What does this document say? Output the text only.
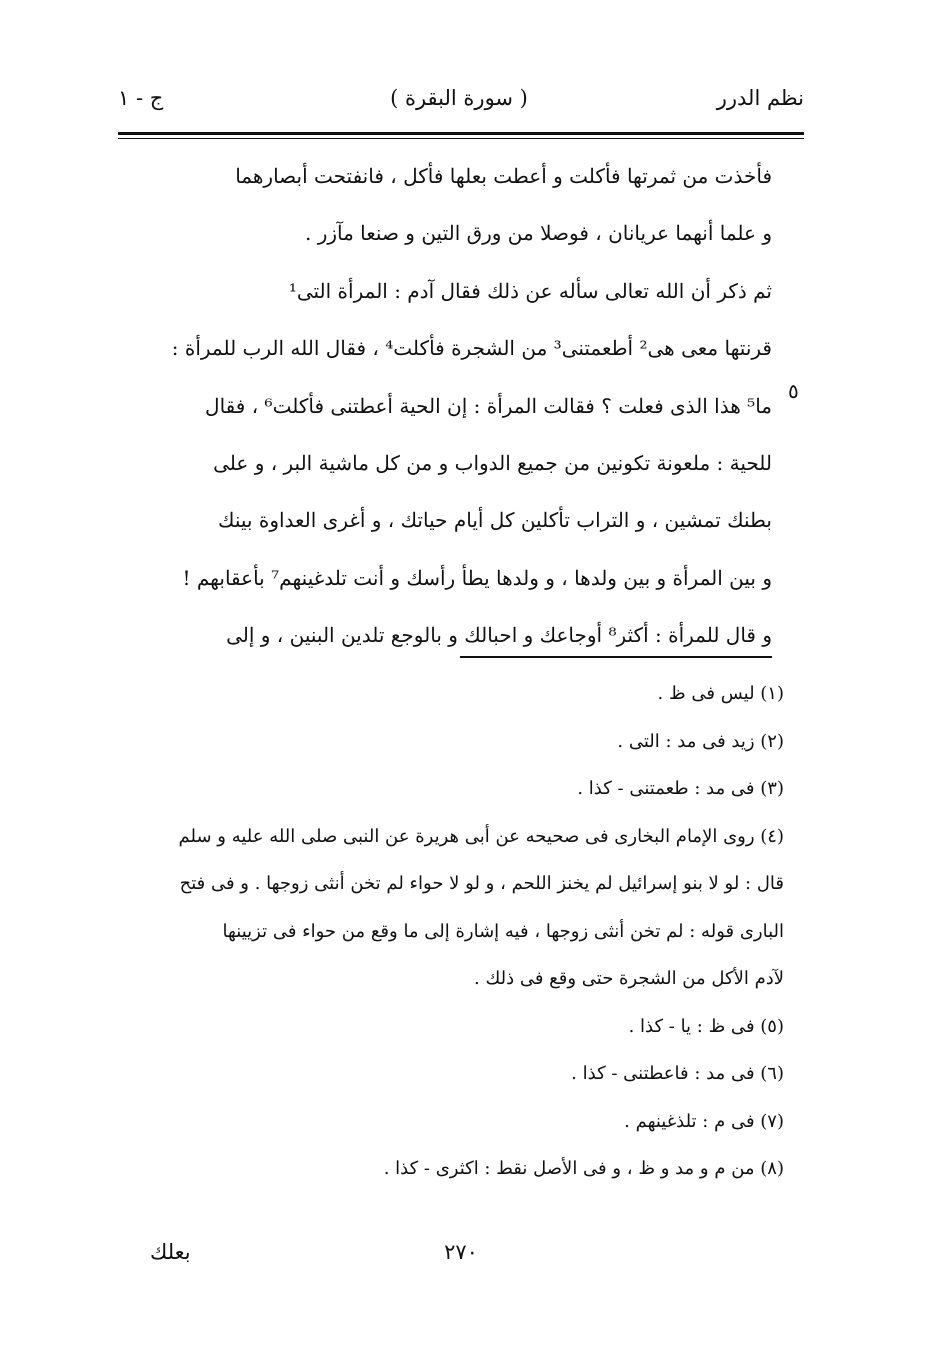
نظم الدرر
( سورة البقرة )
ج - ١
فأخذت من ثمرتها فأكلت و أعطت بعلها فأكل ، فانفتحت أبصارهما
و علما أنهما عريانان ، فوصلا من ورق التين و صنعا مآزر .
ثم ذكر أن الله تعالى سأله عن ذلك فقال آدم : المرأة التى¹
قرنتها معى هى² أطعمتنى³ من الشجرة فأكلت⁴ ، فقال الله الرب للمرأة :
ما⁵ هذا الذى فعلت ؟ فقالت المرأة : إن الحية أعطتنى فأكلت⁶ ، فقال
للحية : ملعونة تكونين من جميع الدواب و من كل ماشية البر ، و على
بطنك تمشين ، و التراب تأكلين كل أيام حياتك ، و أغرى العداوة بينك
و بين المرأة و بين ولدها ، و ولدها يطأ رأسك و أنت تلدغينهم⁷ بأعقابهم !
و قال للمرأة : أكثر⁸ أوجاعك و احبالك و بالوجع تلدين البنين ، و إلى
٥
(١) ليس فى ظ .
(٢) زيد فى مد : التى .
(٣) فى مد : طعمتنى - كذا .
(٤) روى الإمام البخارى فى صحيحه عن أبى هريرة عن النبى صلى الله عليه و سلم
قال : لو لا بنو إسرائيل لم يخنز اللحم ، و لو لا حواء لم تخن أنثى زوجها . و فى فتح
البارى قوله : لم تخن أنثى زوجها ، فيه إشارة إلى ما وقع من حواء فى تزيينها
لآدم الأكل من الشجرة حتى وقع فى ذلك .
(٥) فى ظ : يا - كذا .
(٦) فى مد : فاعطتنى - كذا .
(٧) فى م : تلذغينهم .
(٨) من م و مد و ظ ، و فى الأصل نقط : اكثرى - كذا .
٢٧٠
بعلك
